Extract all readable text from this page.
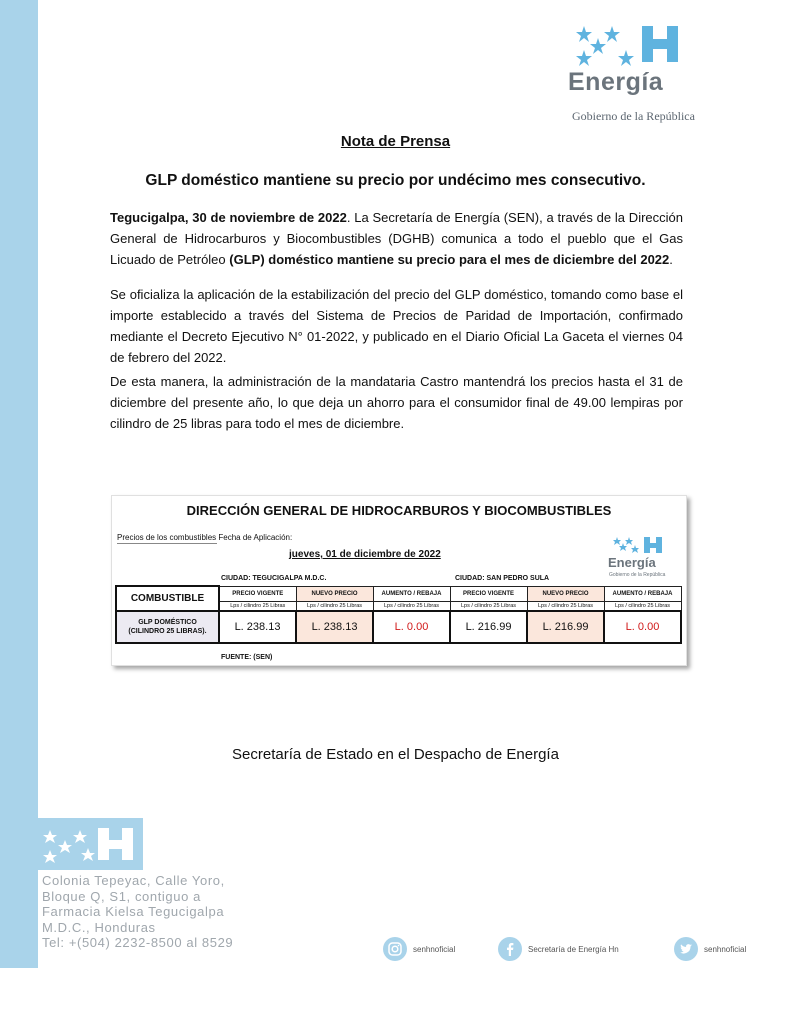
Energía
Gobierno de la República
Nota de Prensa
GLP doméstico mantiene su precio por undécimo mes consecutivo.

Tegucigalpa, 30 de noviembre de 2022. La Secretaría de Energía (SEN), a través de la Dirección General de Hidrocarburos y Biocombustibles (DGHB) comunica a todo el pueblo que el Gas Licuado de Petróleo (GLP) doméstico mantiene su precio para el mes de diciembre del 2022.

Se oficializa la aplicación de la estabilización del precio del GLP doméstico, tomando como base el importe establecido a través del Sistema de Precios de Paridad de Importación, confirmado mediante el Decreto Ejecutivo N° 01-2022, y publicado en el Diario Oficial La Gaceta el viernes 04 de febrero del 2022.

De esta manera, la administración de la mandataria Castro mantendrá los precios hasta el 31 de diciembre del presente año, lo que deja un ahorro para el consumidor final de 49.00 lempiras por cilindro de 25 libras para todo el mes de diciembre.

DIRECCIÓN GENERAL DE HIDROCARBUROS Y BIOCOMBUSTIBLES
Precios de los combustibles Fecha de Aplicación:
jueves, 01 de diciembre de 2022
Energía
Gobierno de la República
CIUDAD: TEGUCIGALPA M.D.C.	CIUDAD: SAN PEDRO SULA
COMBUSTIBLE	PRECIO VIGENTE	NUEVO PRECIO	AUMENTO / REBAJA	PRECIO VIGENTE	NUEVO PRECIO	AUMENTO / REBAJA
	Lps / cilindro 25 Libras	Lps / cilindro 25 Libras	Lps / cilindro 25 Libras	Lps / cilindro 25 Libras	Lps / cilindro 25 Libras	Lps / cilindro 25 Libras

GLP DOMÉSTICO
(CILINDRO 25 LIBRAS).	L. 238.13	L. 238.13	L. 0.00	L. 216.99	L. 216.99	L. 0.00
FUENTE: (SEN)
Secretaría de Estado en el Despacho de Energía
Colonia Tepeyac, Calle Yoro,
Bloque Q, S1, contiguo a
Farmacia Kielsa Tegucigalpa
M.D.C., Honduras
Tel: +(504) 2232-8500 al 8529	senhnoficial	Secretaría de Energía Hn	senhnoficial
